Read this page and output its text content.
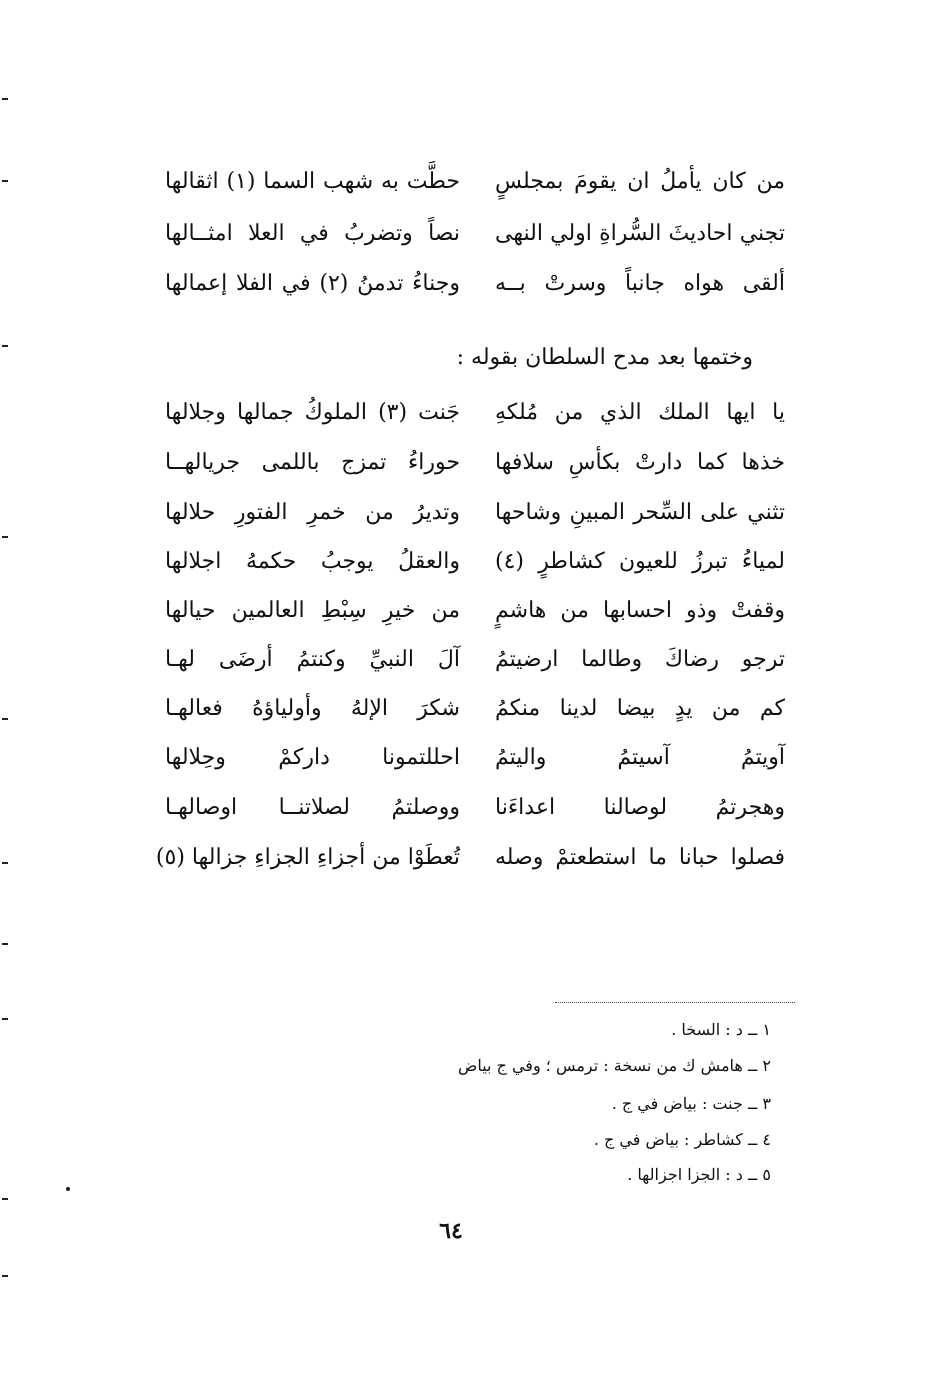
من كان يأملُ ان يقومَ بمجلسٍ
حطَّت به شهب السما (١) اثقالها
تجني احاديثَ السُّراةِ اولي النهى
نصاً وتضربُ في العلا امثــالها
ألقى هواه جانباً وسرتْ بــه
وجناءُ تدمنُ (٢) في الفلا إعمالها
وختمها بعد مدح السلطان بقوله :
يا ايها الملك الذي من مُلكهِ
جَنت (٣) الملوكُ جمالها وجلالها
خذها كما دارتْ بكأسِ سلافها
حوراءُ تمزج باللمى جريالهــا
تثني على السِّحر المبينِ وشاحها
وتديرُ من خمرِ الفتورِ حلالها
لمياءُ تبرزُ للعيون كشاطرٍ (٤)
والعقلُ يوجبُ حكمهُ اجلالها
وقفتْ وذو احسابها من هاشمٍ
من خيرِ سِبْطِ العالمين حيالها
ترجو رضاكَ وطالما ارضيتمُ
آلَ النبيِّ وكنتمُ أرضَى لهـا
كم من يدٍ بيضا لدينا منكمُ
شكرَ الإلهُ وأولياؤهُ فعالهـا
آويتمُ آسيتمُ واليتمُ
احللتمونا داركمْ وحِلالها
وهجرتمُ لوصالنا اعداءَنا
ووصلتمُ لصلاتنــا اوصالهـا
فصلوا حبانا ما استطعتمْ وصله
تُعطَوْا من أجزاءِ الجزاءِ جزالها (٥)
١ ــ د : السخا .
٢ ــ هامش ك من نسخة : ترمس ؛ وفي ج بياض
٣ ــ جنت : بياض في ج .
٤ ــ كشاطر : بياض في ج .
٥ ــ د : الجزا اجزالها .
٦٤
